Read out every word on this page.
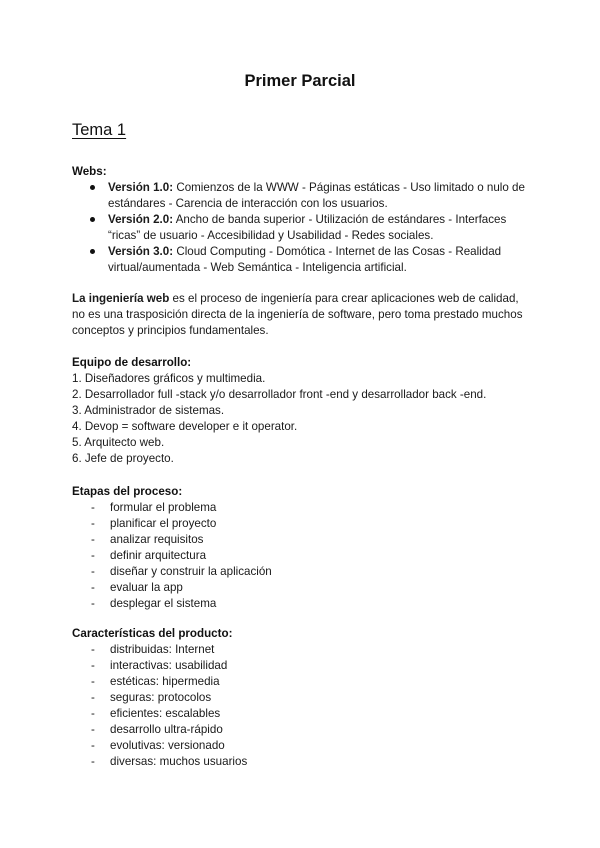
Primer Parcial
Tema 1
Webs:
Versión 1.0: Comienzos de la WWW - Páginas estáticas - Uso limitado o nulo de estándares - Carencia de interacción con los usuarios.
Versión 2.0: Ancho de banda superior - Utilización de estándares - Interfaces “ricas” de usuario - Accesibilidad y Usabilidad - Redes sociales.
Versión 3.0: Cloud Computing - Domótica - Internet de las Cosas - Realidad virtual/aumentada - Web Semántica - Inteligencia artificial.
La ingeniería web es el proceso de ingeniería para crear aplicaciones web de calidad, no es una trasposición directa de la ingeniería de software, pero toma prestado muchos conceptos y principios fundamentales.
Equipo de desarrollo:
1. Diseñadores gráficos y multimedia.
2. Desarrollador full -stack y/o desarrollador front -end y desarrollador back -end.
3. Administrador de sistemas.
4. Devop = software developer e it operator.
5. Arquitecto web.
6. Jefe de proyecto.
Etapas del proceso:
- formular el problema
- planificar el proyecto
- analizar requisitos
- definir arquitectura
- diseñar y construir la aplicación
- evaluar la app
- desplegar el sistema
Características del producto:
- distribuidas: Internet
- interactivas: usabilidad
- estéticas: hipermedia
- seguras: protocolos
- eficientes: escalables
- desarrollo ultra-rápido
- evolutivas: versionado
- diversas: muchos usuarios
